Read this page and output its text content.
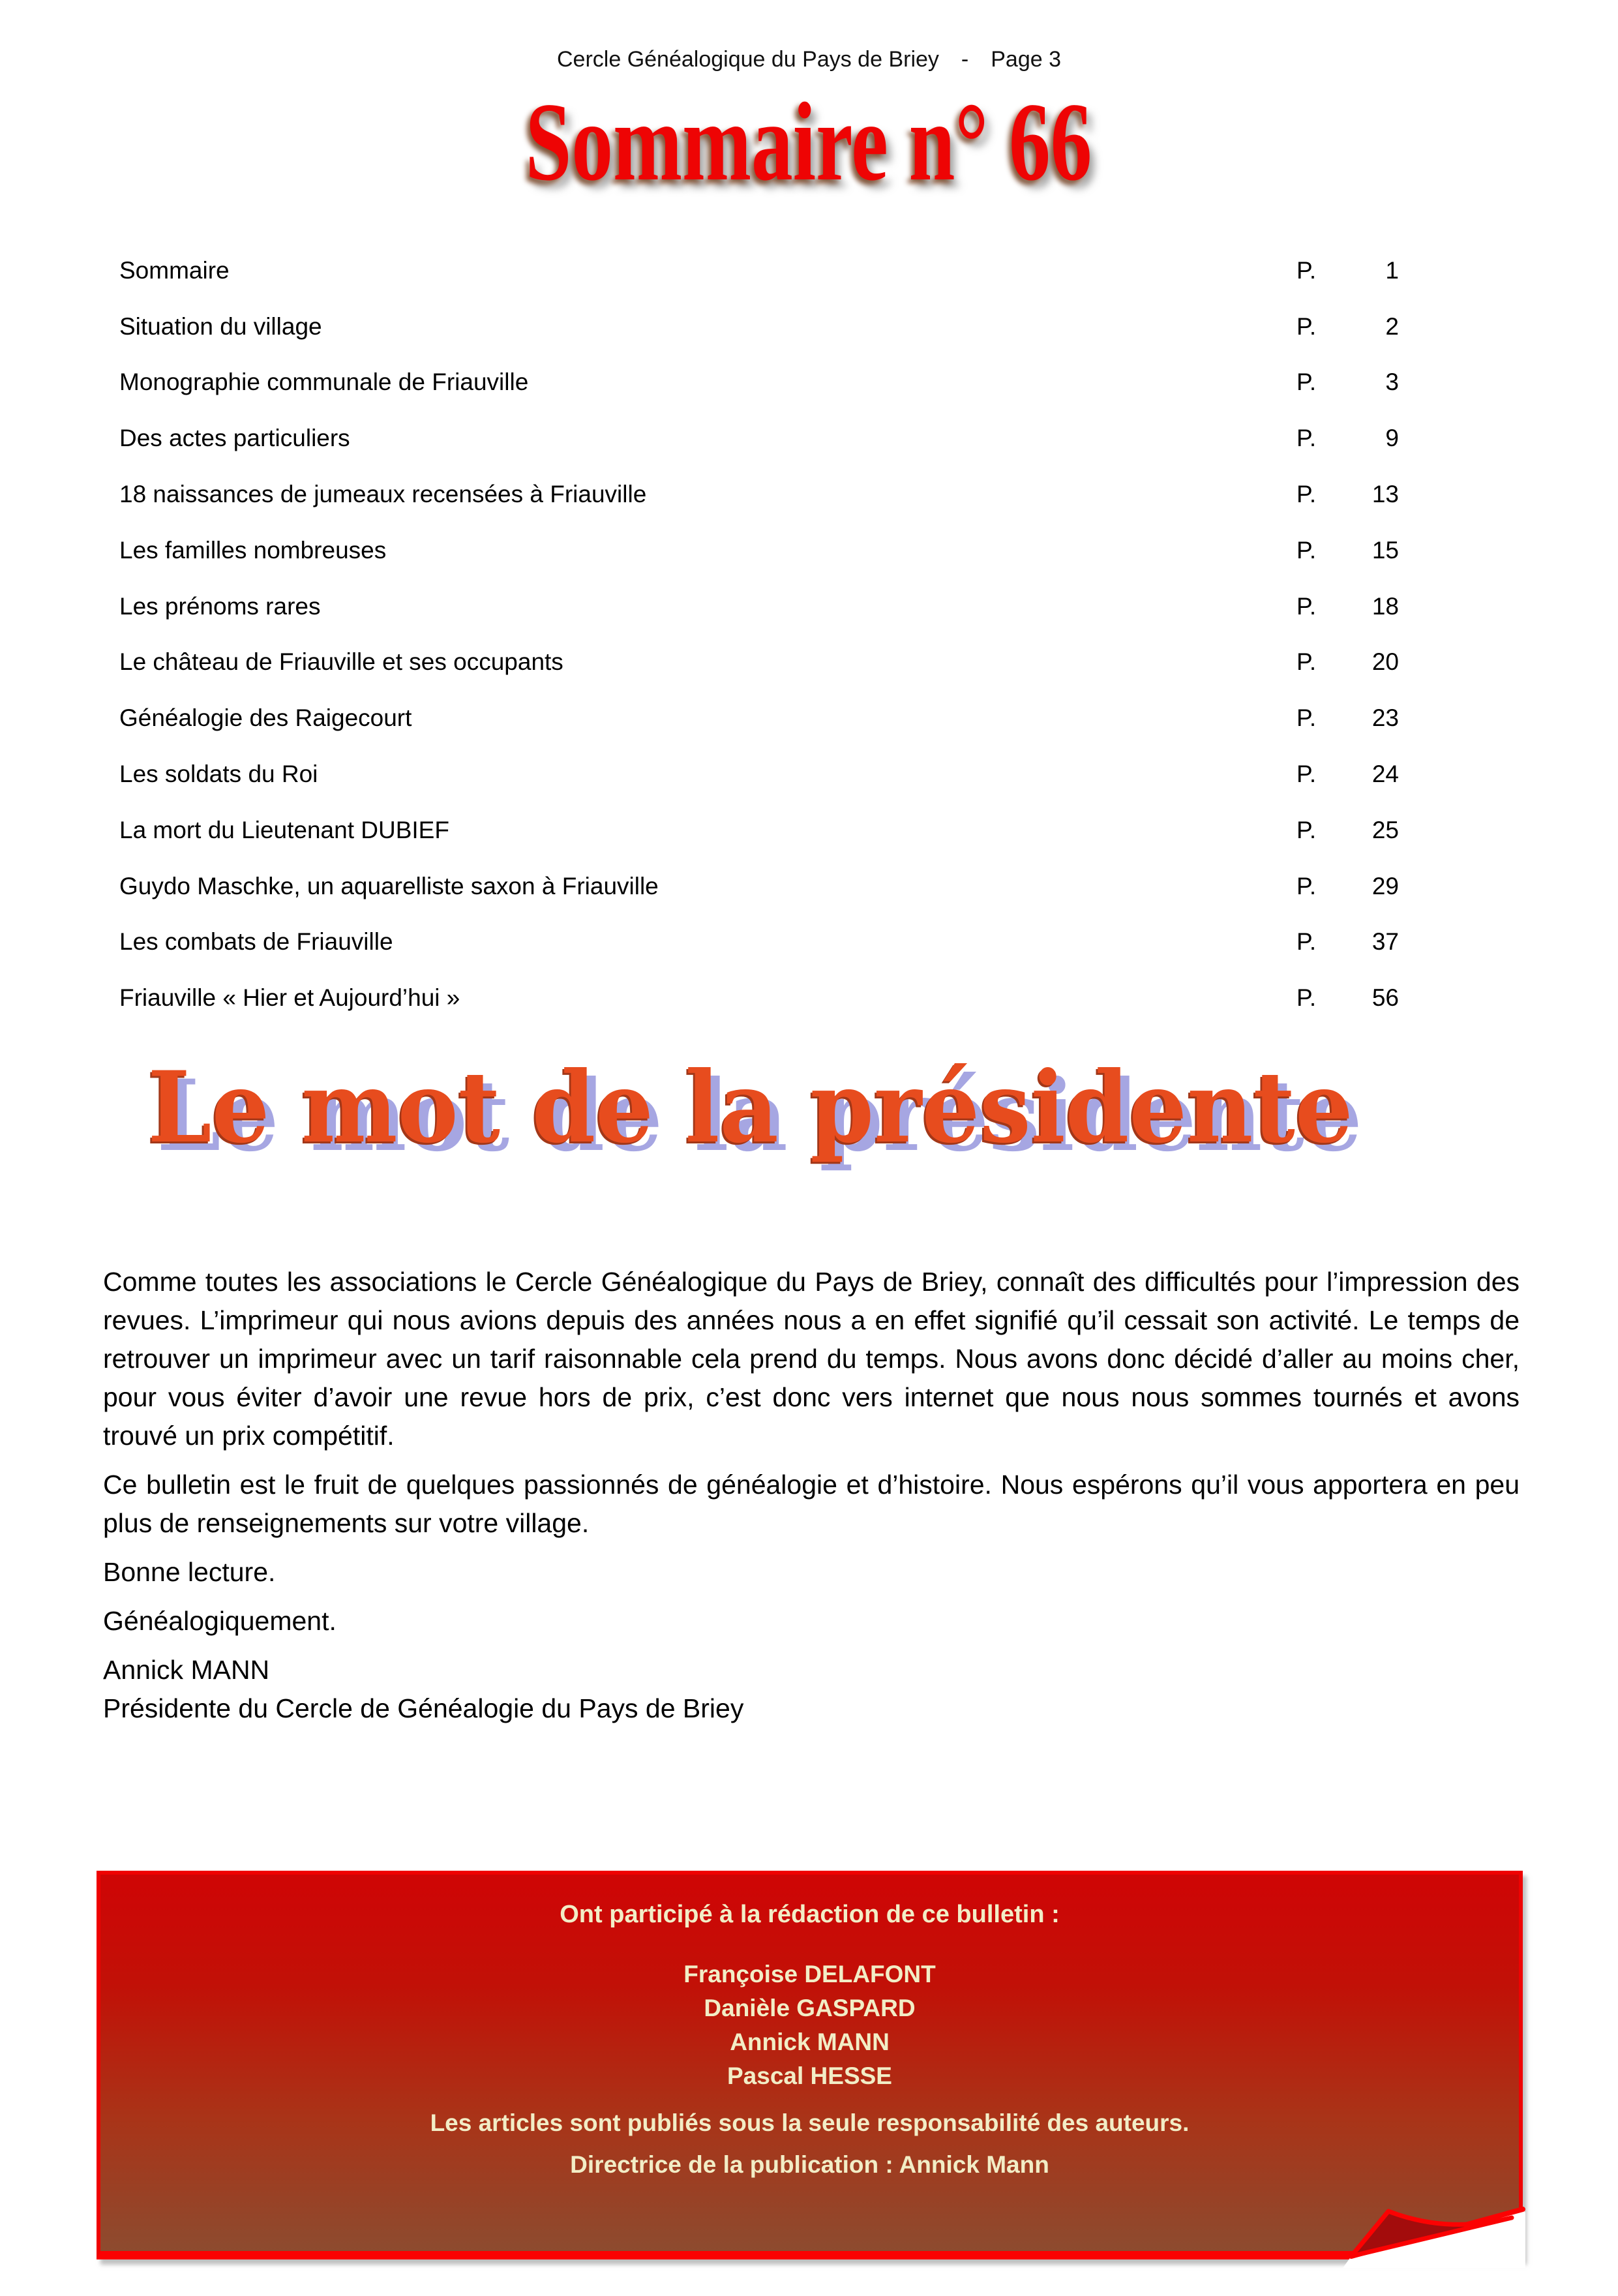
Cercle Généalogique du Pays de Briey - Page 3
Sommaire n° 66
Sommaire	P.	1
Situation du village	P.	2
Monographie communale de Friauville	P.	3
Des actes particuliers	P.	9
18 naissances de jumeaux recensées à Friauville	P.	13
Les familles nombreuses	P.	15
Les prénoms rares	P.	18
Le château de Friauville et ses occupants	P.	20
Généalogie des Raigecourt	P.	23
Les soldats du Roi	P.	24
La mort du Lieutenant DUBIEF	P.	25
Guydo Maschke, un aquarelliste saxon à Friauville	P.	29
Les combats de Friauville	P.	37
Friauville « Hier et Aujourd’hui »	P.	56
Le mot de la présidente

Comme toutes les associations le Cercle Généalogique du Pays de Briey, connaît des difficultés pour l’impression des revues. L’imprimeur qui nous avions depuis des années nous a en effet signifié qu’il cessait son activité. Le temps de retrouver un imprimeur avec un tarif raisonnable cela prend du temps. Nous avons donc décidé d’aller au moins cher, pour vous éviter d’avoir une revue hors de prix, c’est donc vers internet que nous nous sommes tournés et avons trouvé un prix compétitif.

Ce bulletin est le fruit de quelques passionnés de généalogie et d’histoire. Nous espérons qu’il vous apportera en peu plus de renseignements sur votre village.

Bonne lecture.

Généalogiquement.

Annick MANN
Présidente du Cercle de Généalogie du Pays de Briey

Ont participé à la rédaction de ce bulletin :
Françoise DELAFONT
Danièle GASPARD
Annick MANN
Pascal HESSE
Les articles sont publiés sous la seule responsabilité des auteurs.
Directrice de la publication : Annick Mann
